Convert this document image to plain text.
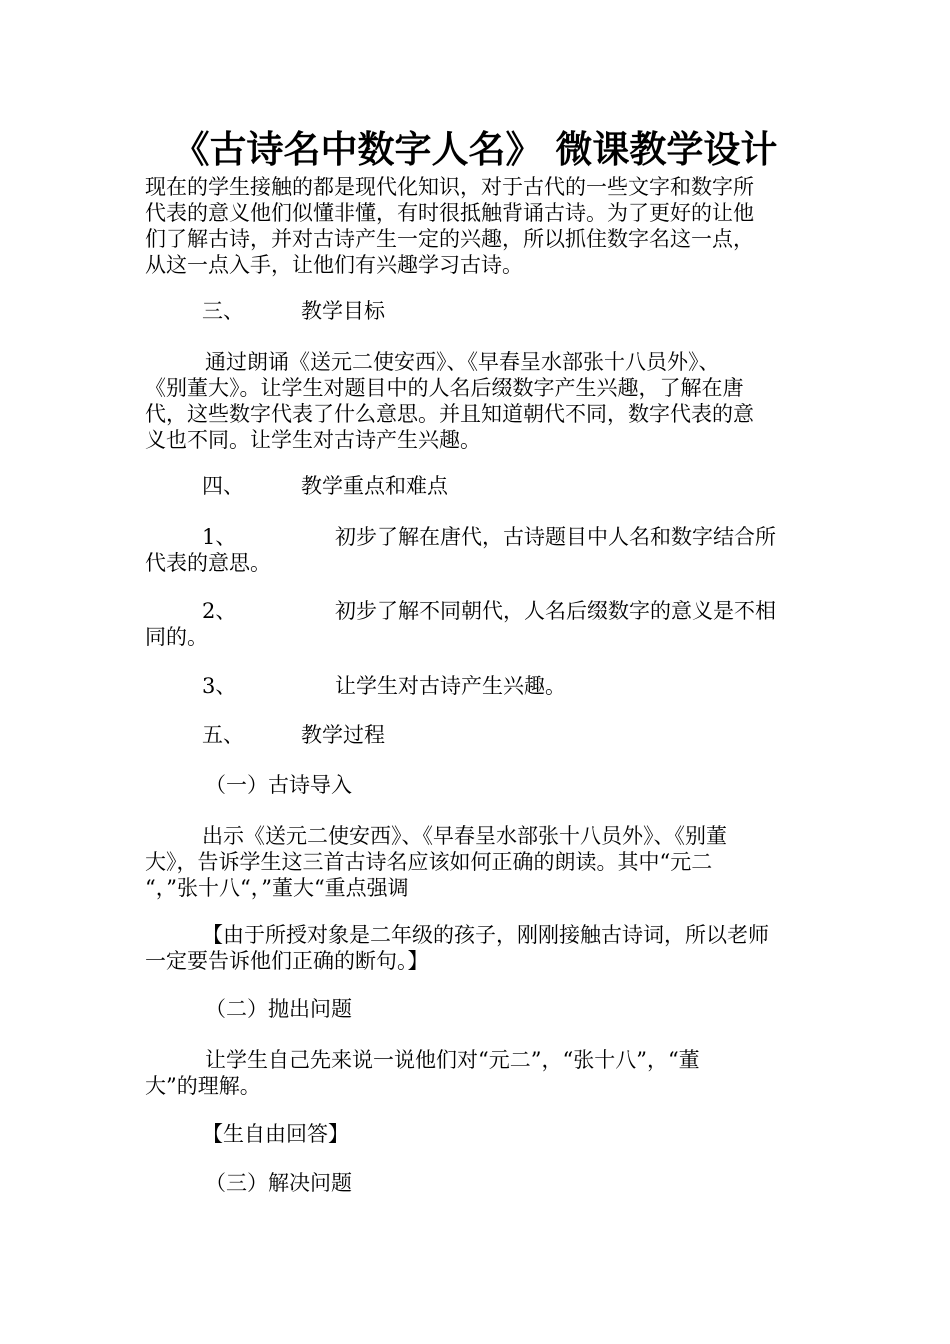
《古诗名中数字人名》 微课教学设计
现在的学生接触的都是现代化知识，对于古代的一些文字和数字所
代表的意义他们似懂非懂，有时很抵触背诵古诗。为了更好的让他
们了解古诗，并对古诗产生一定的兴趣，所以抓住数字名这一点，
从这一点入手，让他们有兴趣学习古诗。
三、	教学目标
通过朗诵《送元二使安西》、《早春呈水部张十八员外》、
《别董大》。让学生对题目中的人名后缀数字产生兴趣，了解在唐
代，这些数字代表了什么意思。并且知道朝代不同，数字代表的意
义也不同。让学生对古诗产生兴趣。
四、	教学重点和难点
1、	初步了解在唐代，古诗题目中人名和数字结合所
代表的意思。
2、	初步了解不同朝代，人名后缀数字的意义是不相
同的。
3、	让学生对古诗产生兴趣。
五、	教学过程
（一）古诗导入
出示《送元二使安西》、《早春呈水部张十八员外》、《别董
大》，告诉学生这三首古诗名应该如何正确的朗读。其中“元二
“，”张十八“，”董大“重点强调
【由于所授对象是二年级的孩子，刚刚接触古诗词，所以老师
一定要告诉他们正确的断句。】
（二）抛出问题
让学生自己先来说一说他们对“元二”，“张十八”，“董
大”的理解。
【生自由回答】
（三）解决问题
